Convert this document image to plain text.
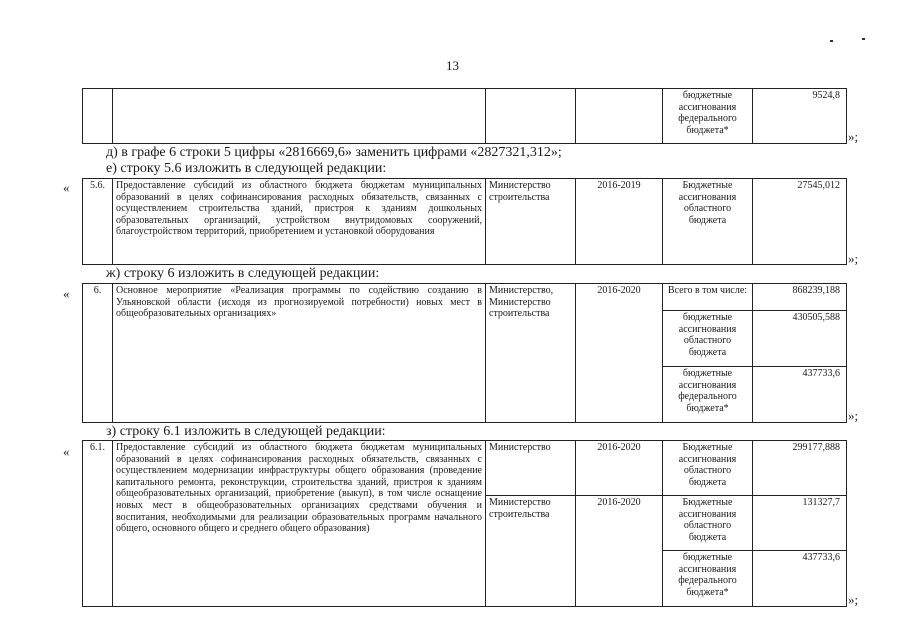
13
				бюджетные ассигнования федерального бюджета*	9524,8
»;
д) в графе 6 строки 5 цифры «2816669,6» заменить цифрами «2827321,312»;
е) строку 5.6 изложить в следующей редакции:
« 5.6.	Предоставление субсидий из областного бюджета бюджетам муниципальных образований в целях софинансирования расходных обязательств, связанных с осуществлением строительства зданий, пристроя к зданиям дошкольных образовательных организаций, устройством внутридомовых сооружений, благоустройством территорий, приобретением и установкой оборудования	Министерство строительства	2016-2019	Бюджетные ассигнования областного бюджета	27545,012
»;
ж) строку 6 изложить в следующей редакции:
« 6.	Основное мероприятие «Реализация программы по содействию созданию в Ульяновской области (исходя из прогнозируемой потребности) новых мест в общеобразовательных организациях»	Министерство, Министерство строительства	2016-2020	Всего в том числе:	868239,188
				бюджетные ассигнования областного бюджета	430505,588
				бюджетные ассигнования федерального бюджета*	437733,6
»;
з) строку 6.1 изложить в следующей редакции:
« 6.1.	Предоставление субсидий из областного бюджета бюджетам муниципальных образований в целях софинансирования расходных обязательств, связанных с осуществлением модернизации инфраструктуры общего образования (проведение капитального ремонта, реконструкции, строительства зданий, пристроя к зданиям общеобразовательных организаций, приобретение (выкуп), в том числе оснащение новых мест в общеобразовательных организациях средствами обучения и воспитания, необходимыми для реализации образовательных программ начального общего, основного общего и среднего общего образования)	Министерство	2016-2020	Бюджетные ассигнования областного бюджета	299177,888
		Министерство строительства	2016-2020	Бюджетные ассигнования областного бюджета	131327,7
				бюджетные ассигнования федерального бюджета*	437733,6
»;
